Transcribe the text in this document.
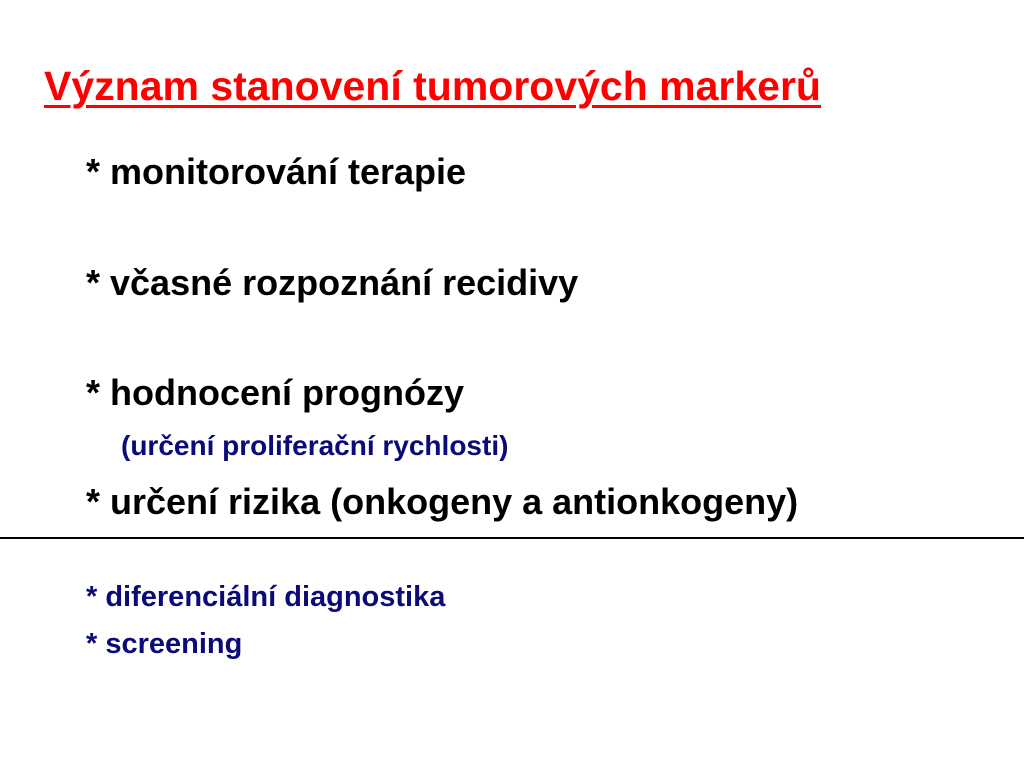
Význam stanovení tumorových markerů
* monitorování terapie
* včasné rozpoznání recidivy
* hodnocení prognózy
(určení proliferační rychlosti)
* určení rizika (onkogeny a antionkogeny)
* diferenciální diagnostika
* screening
